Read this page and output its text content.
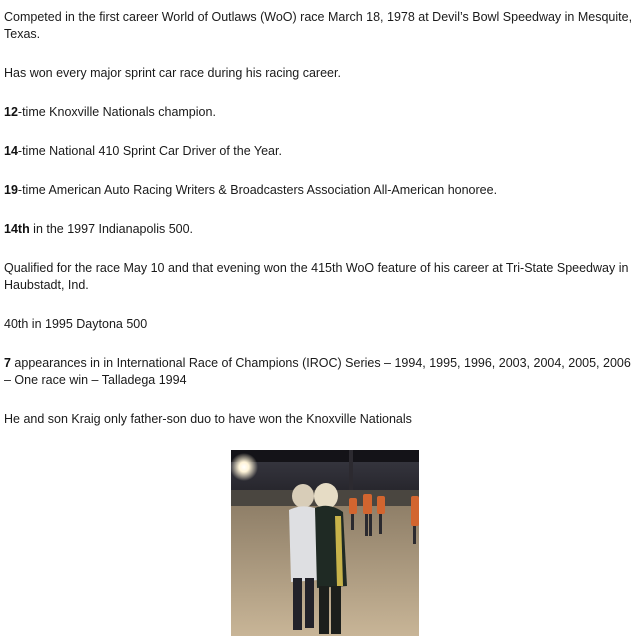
Competed in the first career World of Outlaws (WoO) race March 18, 1978 at Devil’s Bowl Speedway in Mesquite, Texas.

Has won every major sprint car race during his racing career.

12-time Knoxville Nationals champion.

14-time National 410 Sprint Car Driver of the Year.

19-time American Auto Racing Writers & Broadcasters Association All-American honoree.

14th in the 1997 Indianapolis 500.

Qualified for the race May 10 and that evening won the 415th WoO feature of his career at Tri-State Speedway in Haubstadt, Ind.

40th in 1995 Daytona 500

7 appearances in in International Race of Champions (IROC) Series – 1994, 1995, 1996, 2003, 2004, 2005, 2006 – One race win – Talladega 1994

He and son Kraig only father-son duo to have won the Knoxville Nationals
